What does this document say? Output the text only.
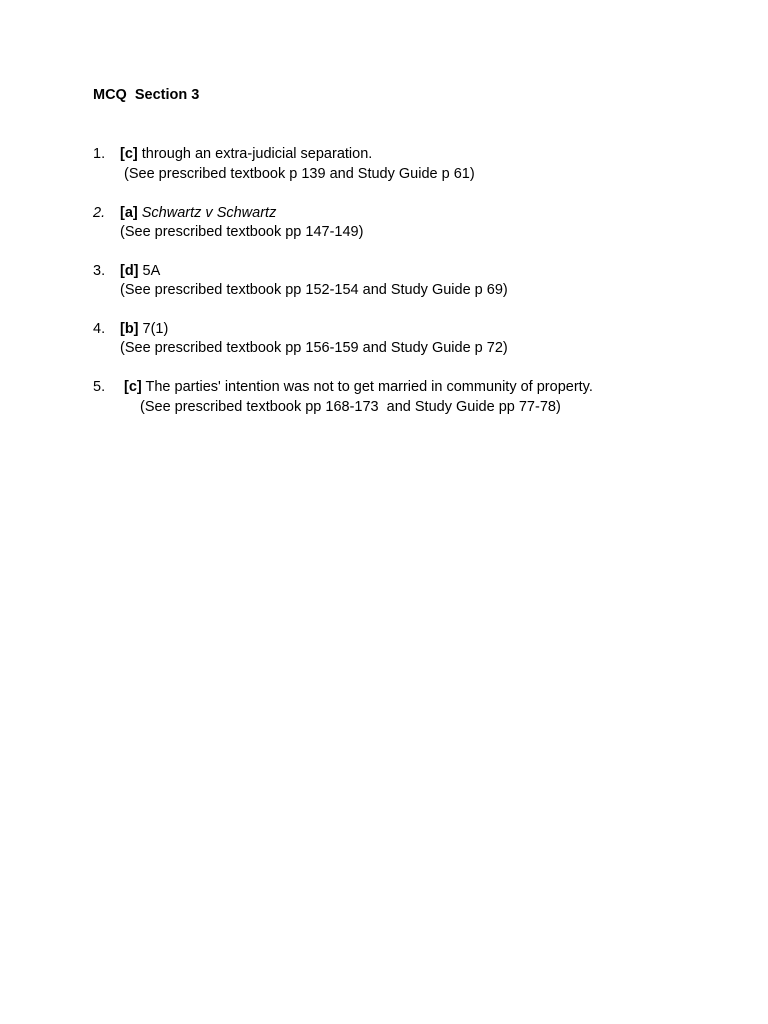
MCQ  Section 3
1. [c] through an extra-judicial separation.
(See prescribed textbook p 139 and Study Guide p 61)
2. [a] Schwartz v Schwartz
(See prescribed textbook pp 147-149)
3. [d] 5A
(See prescribed textbook pp 152-154 and Study Guide p 69)
4. [b] 7(1)
(See prescribed textbook pp 156-159 and Study Guide p 72)
5. [c] The parties' intention was not to get married in community of property.
(See prescribed textbook pp 168-173  and Study Guide pp 77-78)
